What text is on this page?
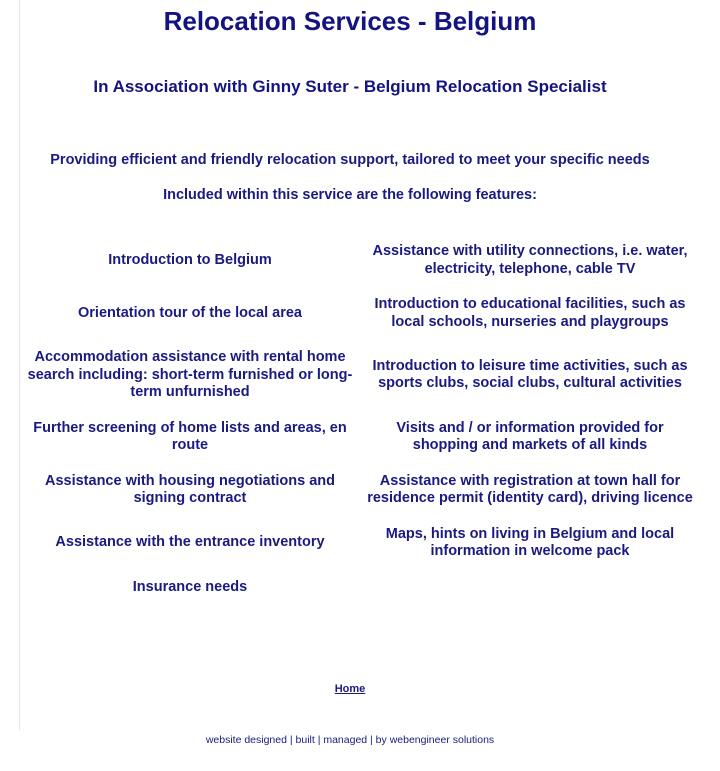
Relocation Services - Belgium
In Association with Ginny Suter - Belgium Relocation Specialist

Providing efficient and friendly relocation support, tailored to meet your specific needs

Included within this service are the following features:

Introduction to Belgium	Assistance with utility connections, i.e. water, electricity, telephone, cable TV

Orientation tour of the local area	Introduction to educational facilities, such as local schools, nurseries and playgroups

Accommodation assistance with rental home search including: short-term furnished or long-term unfurnished	Introduction to leisure time activities, such as sports clubs, social clubs, cultural activities

Further screening of home lists and areas, en route	Visits and / or information provided for shopping and markets of all kinds

Assistance with housing negotiations and signing contract	Assistance with registration at town hall for residence permit (identity card), driving licence

Assistance with the entrance inventory	Maps, hints on living in Belgium and local information in welcome pack

Insurance needs	
Home
website designed | built | managed | by webengineer solutions
